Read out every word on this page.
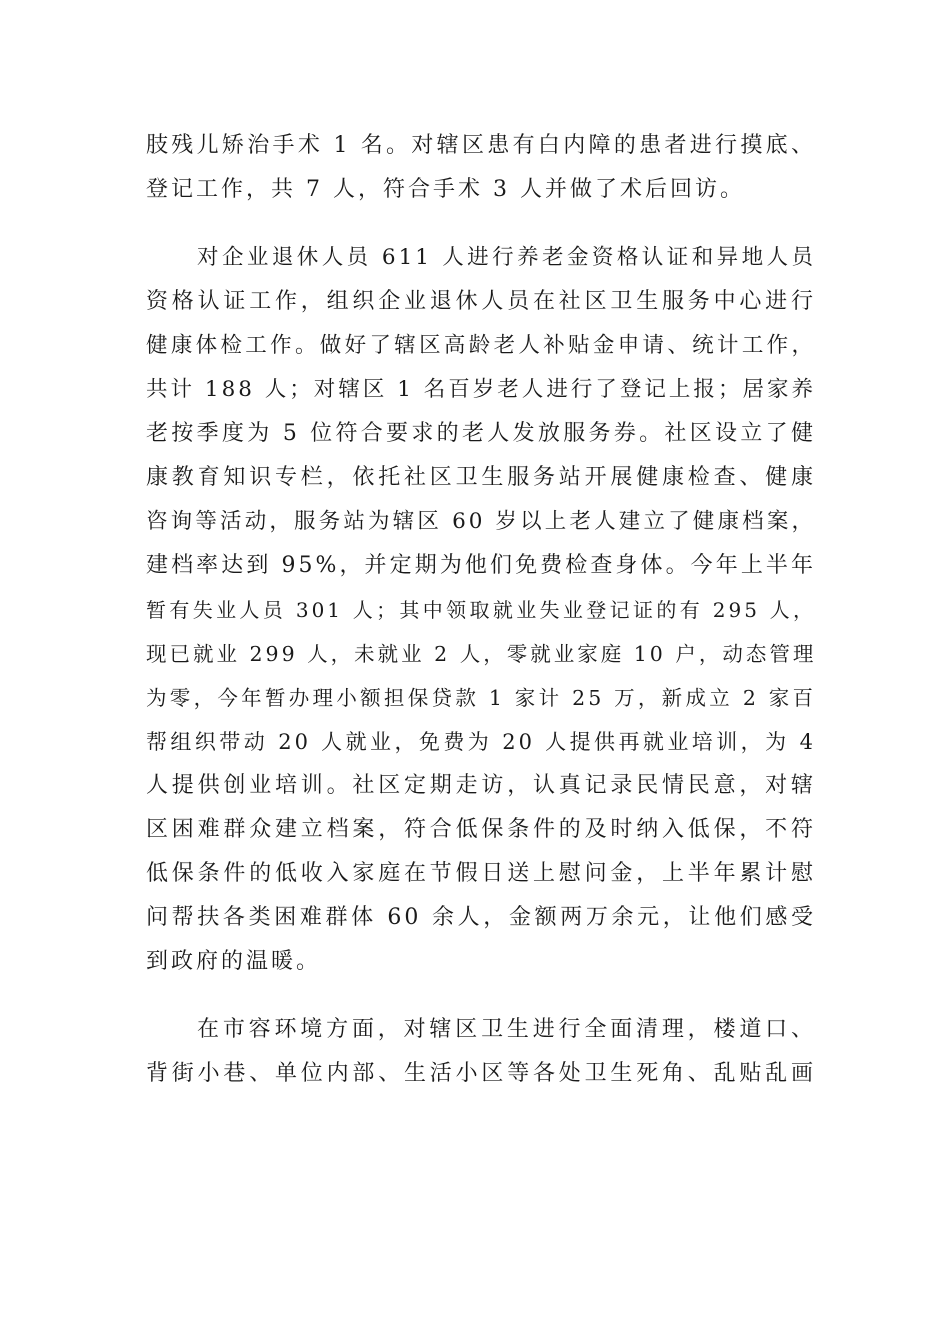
肢残儿矫治手术 1 名。对辖区患有白内障的患者进行摸底、
登记工作，共 7 人，符合手术 3 人并做了术后回访。
对企业退休人员 611 人进行养老金资格认证和异地人员
资格认证工作，组织企业退休人员在社区卫生服务中心进行
健康体检工作。做好了辖区高龄老人补贴金申请、统计工作，
共计 188 人；对辖区 1 名百岁老人进行了登记上报；居家养
老按季度为 5 位符合要求的老人发放服务券。社区设立了健
康教育知识专栏，依托社区卫生服务站开展健康检查、健康
咨询等活动，服务站为辖区 60 岁以上老人建立了健康档案，
建档率达到 95%，并定期为他们免费检查身体。今年上半年
暂有失业人员 301 人；其中领取就业失业登记证的有 295 人，
现已就业 299 人，未就业 2 人，零就业家庭 10 户，动态管理
为零，今年暂办理小额担保贷款 1 家计 25 万，新成立 2 家百
帮组织带动 20 人就业，免费为 20 人提供再就业培训，为 4
人提供创业培训。社区定期走访，认真记录民情民意，对辖
区困难群众建立档案，符合低保条件的及时纳入低保，不符
低保条件的低收入家庭在节假日送上慰问金，上半年累计慰
问帮扶各类困难群体 60 余人，金额两万余元，让他们感受
到政府的温暖。
在市容环境方面，对辖区卫生进行全面清理，楼道口、
背街小巷、单位内部、生活小区等各处卫生死角、乱贴乱画
